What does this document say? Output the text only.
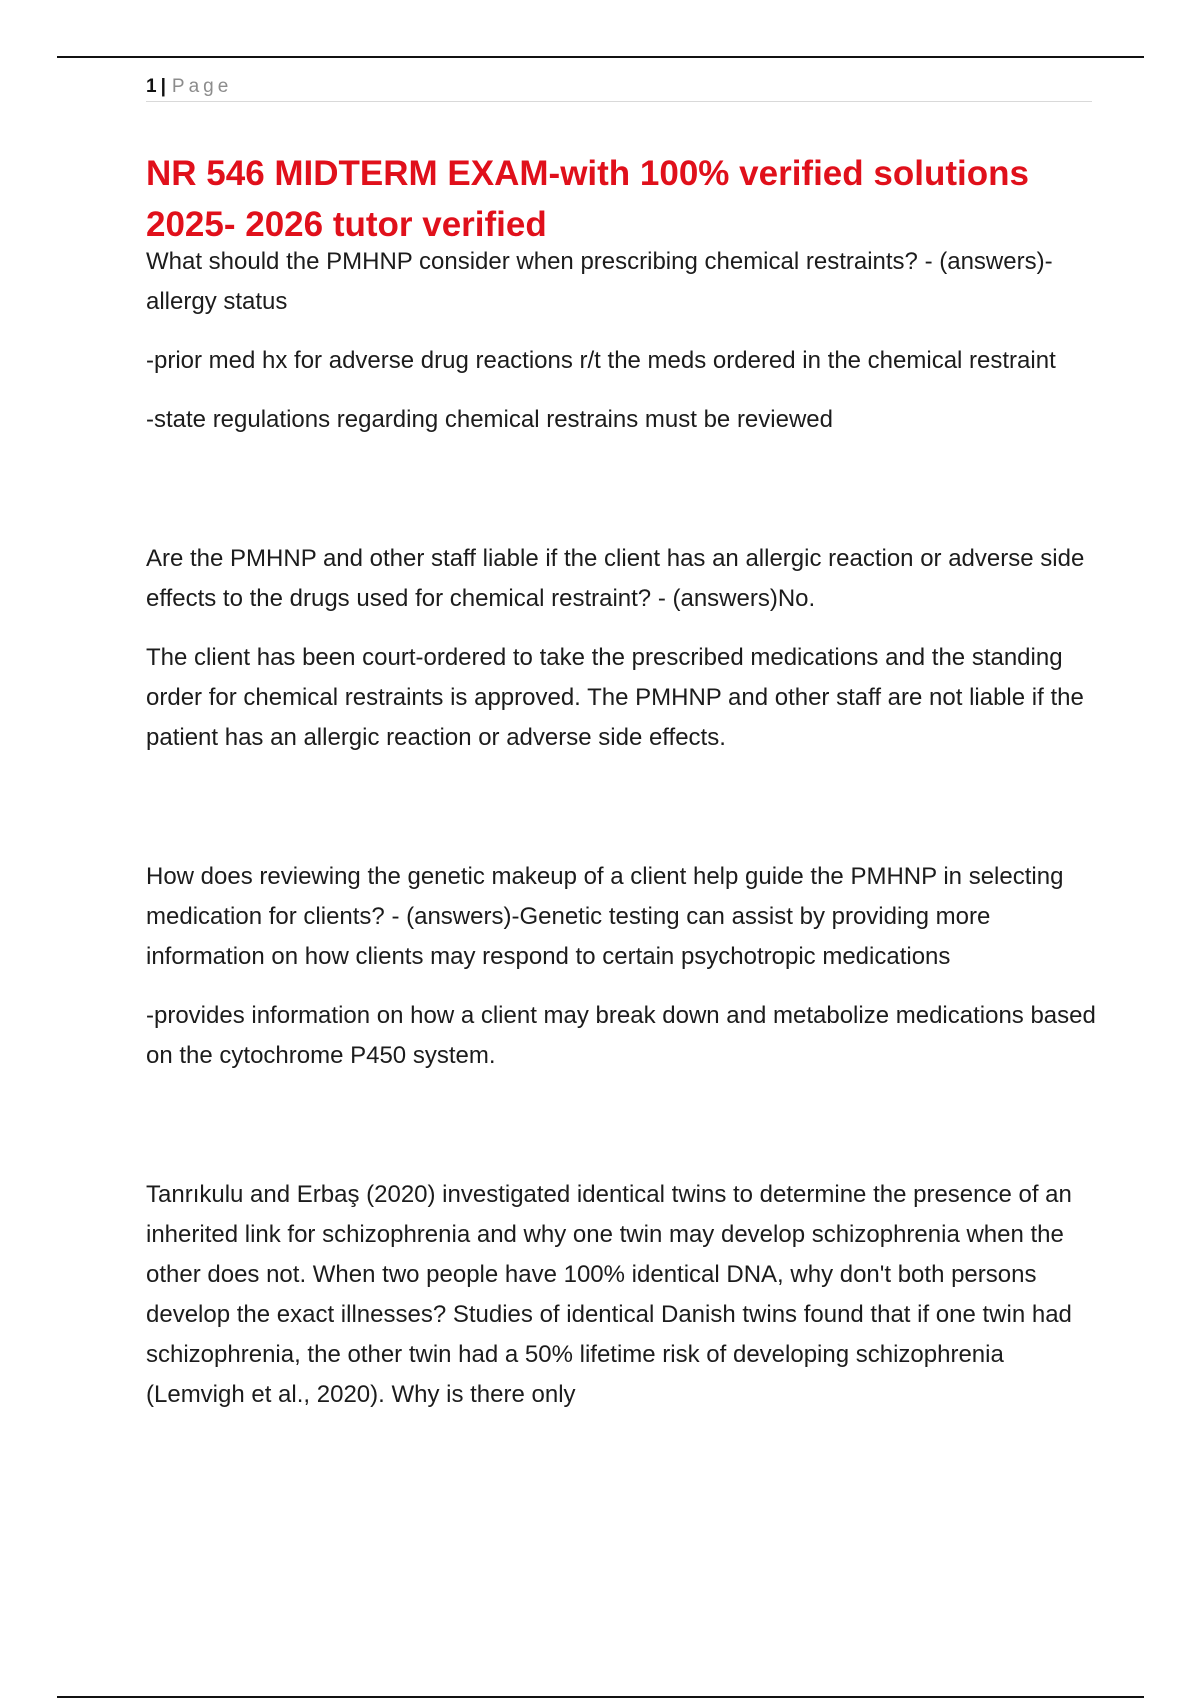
1 | Page
NR 546 MIDTERM EXAM-with 100% verified solutions 2025- 2026 tutor verified

What should the PMHNP consider when prescribing chemical restraints? - (answers)-allergy status

-prior med hx for adverse drug reactions r/t the meds ordered in the chemical restraint

-state regulations regarding chemical restrains must be reviewed

Are the PMHNP and other staff liable if the client has an allergic reaction or adverse side effects to the drugs used for chemical restraint? - (answers)No.

The client has been court-ordered to take the prescribed medications and the standing order for chemical restraints is approved. The PMHNP and other staff are not liable if the patient has an allergic reaction or adverse side effects.

How does reviewing the genetic makeup of a client help guide the PMHNP in selecting medication for clients? - (answers)-Genetic testing can assist by providing more information on how clients may respond to certain psychotropic medications

-provides information on how a client may break down and metabolize medications based on the cytochrome P450 system.

Tanrıkulu and Erbaş (2020) investigated identical twins to determine the presence of an inherited link for schizophrenia and why one twin may develop schizophrenia when the other does not. When two people have 100% identical DNA, why don't both persons develop the exact illnesses? Studies of identical Danish twins found that if one twin had schizophrenia, the other twin had a 50% lifetime risk of developing schizophrenia (Lemvigh et al., 2020). Why is there only
